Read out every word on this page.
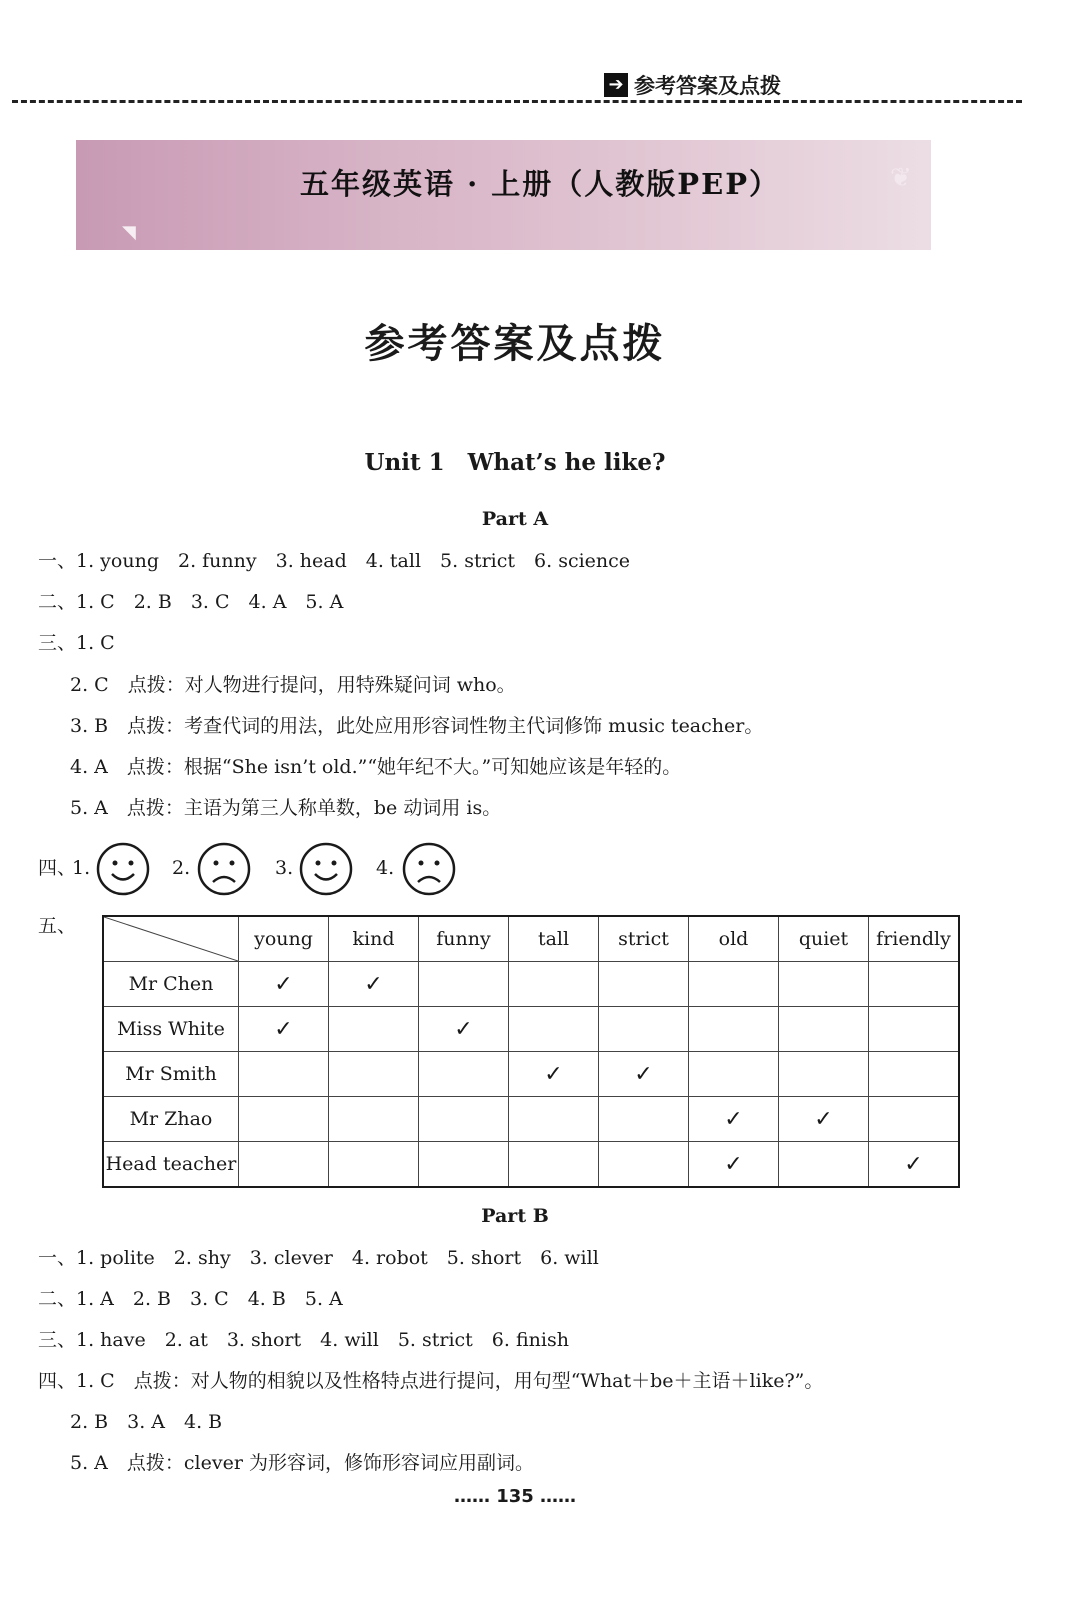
➔ 参考答案及点拨
五年级英语 · 上册（人教版PEP）	❦
◥
参考答案及点拨
Unit 1　What’s he like?
Part A
一、1. young　2. funny　3. head　4. tall　5. strict　6. science
二、1. C　2. B　3. C　4. A　5. A
三、1. C
2. C　点拨：对人物进行提问，用特殊疑问词 who。
3. B　点拨：考查代词的用法，此处应用形容词性物主代词修饰 music teacher。
4. A　点拨：根据“She isn’t old.”“她年纪不大。”可知她应该是年轻的。
5. A　点拨：主语为第三人称单数，be 动词用 is。
四、
1.	2.	3.	4.
五、
	young	kind	funny	tall	strict	old	quiet	friendly
Mr Chen	✓	✓						
Miss White	✓		✓					
Mr Smith				✓	✓			
Mr Zhao						✓	✓	
Head teacher						✓		✓
Part B
一、1. polite　2. shy　3. clever　4. robot　5. short　6. will
二、1. A　2. B　3. C　4. B　5. A
三、1. have　2. at　3. short　4. will　5. strict　6. finish
四、1. C　点拨：对人物的相貌以及性格特点进行提问，用句型“What＋be＋主语＋like?”。
2. B　3. A　4. B
5. A　点拨：clever 为形容词，修饰形容词应用副词。
…… 135 ……
